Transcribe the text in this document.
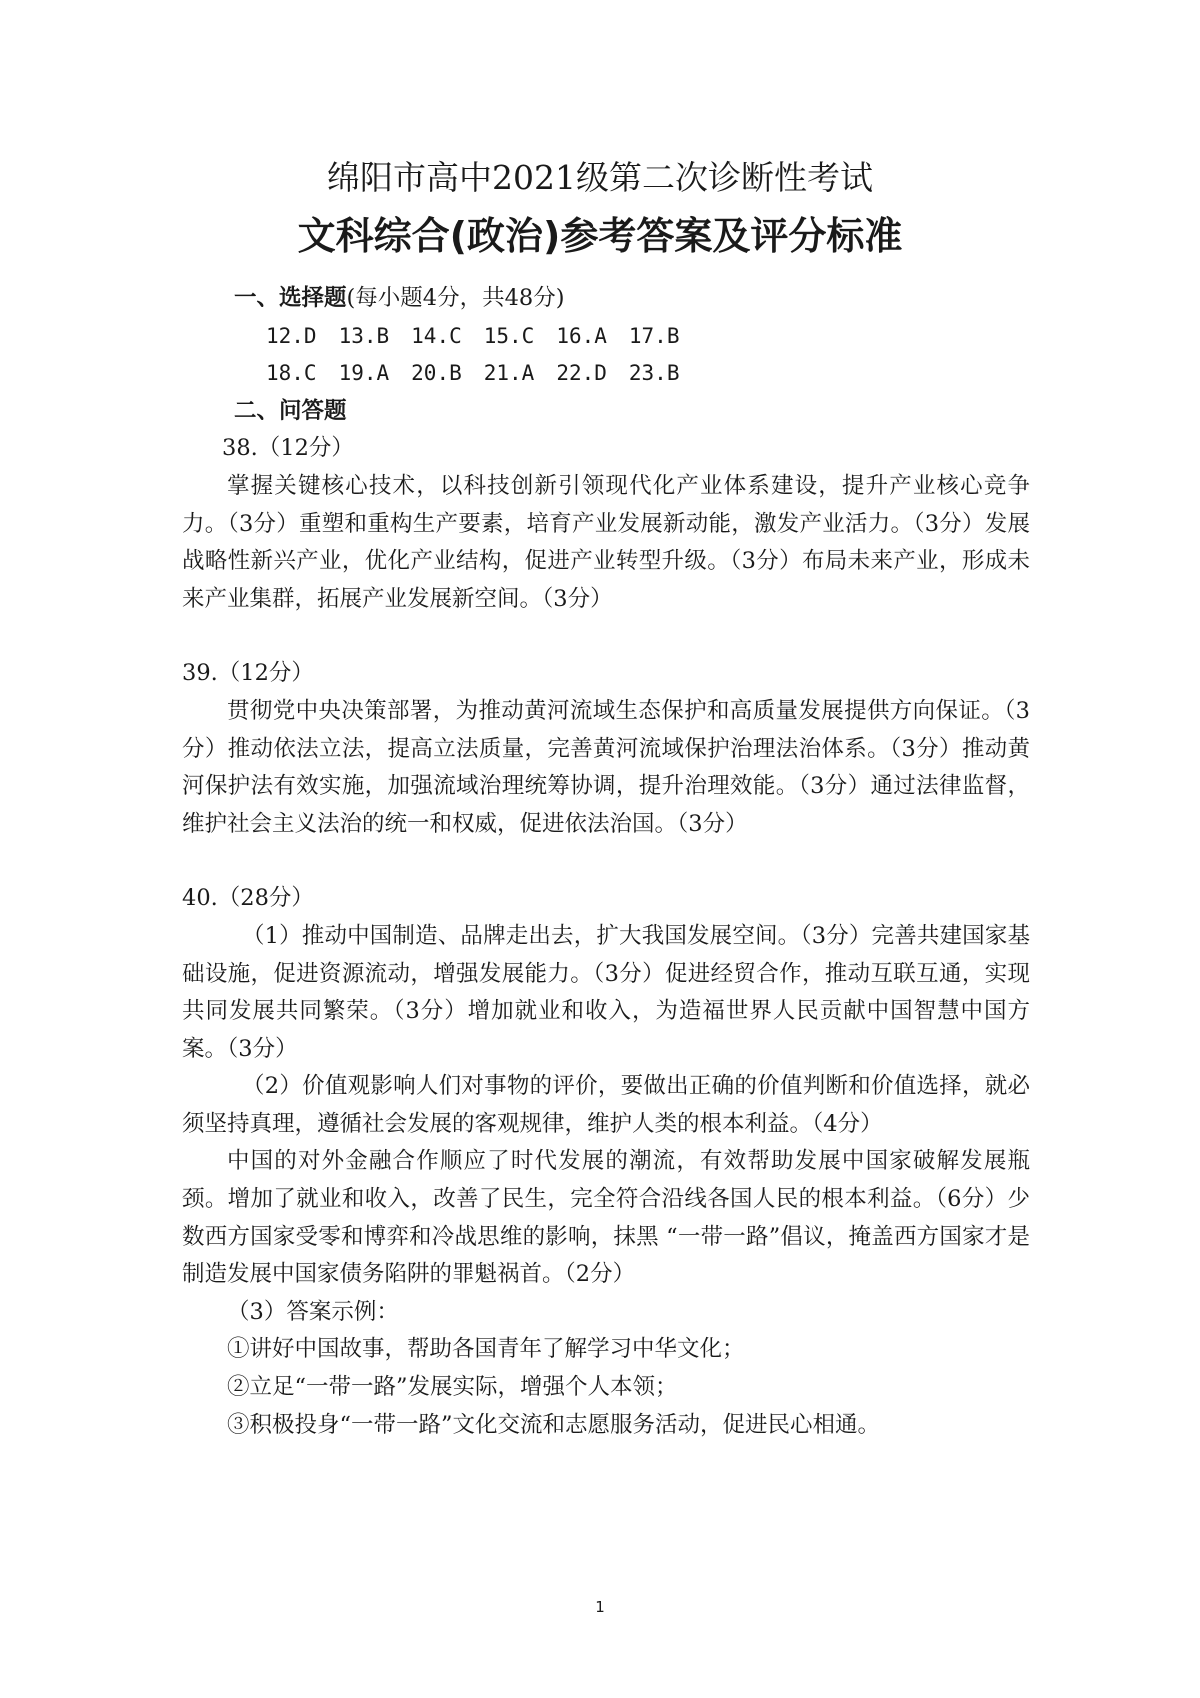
绵阳市高中2021级第二次诊断性考试
文科综合(政治)参考答案及评分标准
一、选择题(每小题4分，共48分)
12.D 13.B 14.C 15.C 16.A 17.B
18.C 19.A 20.B 21.A 22.D 23.B
二、问答题
38.（12分）
掌握关键核心技术，以科技创新引领现代化产业体系建设，提升产业核心竞争力。（3分）重塑和重构生产要素，培育产业发展新动能，激发产业活力。（3分）发展战略性新兴产业，优化产业结构，促进产业转型升级。（3分）布局未来产业，形成未来产业集群，拓展产业发展新空间。（3分）
39.（12分）
贯彻党中央决策部署，为推动黄河流域生态保护和高质量发展提供方向保证。（3分）推动依法立法，提高立法质量，完善黄河流域保护治理法治体系。（3分）推动黄河保护法有效实施，加强流域治理统筹协调，提升治理效能。（3分）通过法律监督，维护社会主义法治的统一和权威，促进依法治国。（3分）
40.（28分）
（1）推动中国制造、品牌走出去，扩大我国发展空间。（3分）完善共建国家基础设施，促进资源流动，增强发展能力。（3分）促进经贸合作，推动互联互通，实现共同发展共同繁荣。（3分）增加就业和收入，为造福世界人民贡献中国智慧中国方案。（3分）
（2）价值观影响人们对事物的评价，要做出正确的价值判断和价值选择，就必须坚持真理，遵循社会发展的客观规律，维护人类的根本利益。（4分）
中国的对外金融合作顺应了时代发展的潮流，有效帮助发展中国家破解发展瓶颈。增加了就业和收入，改善了民生，完全符合沿线各国人民的根本利益。（6分）少数西方国家受零和博弈和冷战思维的影响，抹黑 “一带一路”倡议，掩盖西方国家才是制造发展中国家债务陷阱的罪魁祸首。（2分）
（3）答案示例：
①讲好中国故事，帮助各国青年了解学习中华文化；
②立足“一带一路”发展实际，增强个人本领；
③积极投身“一带一路”文化交流和志愿服务活动，促进民心相通。
1
